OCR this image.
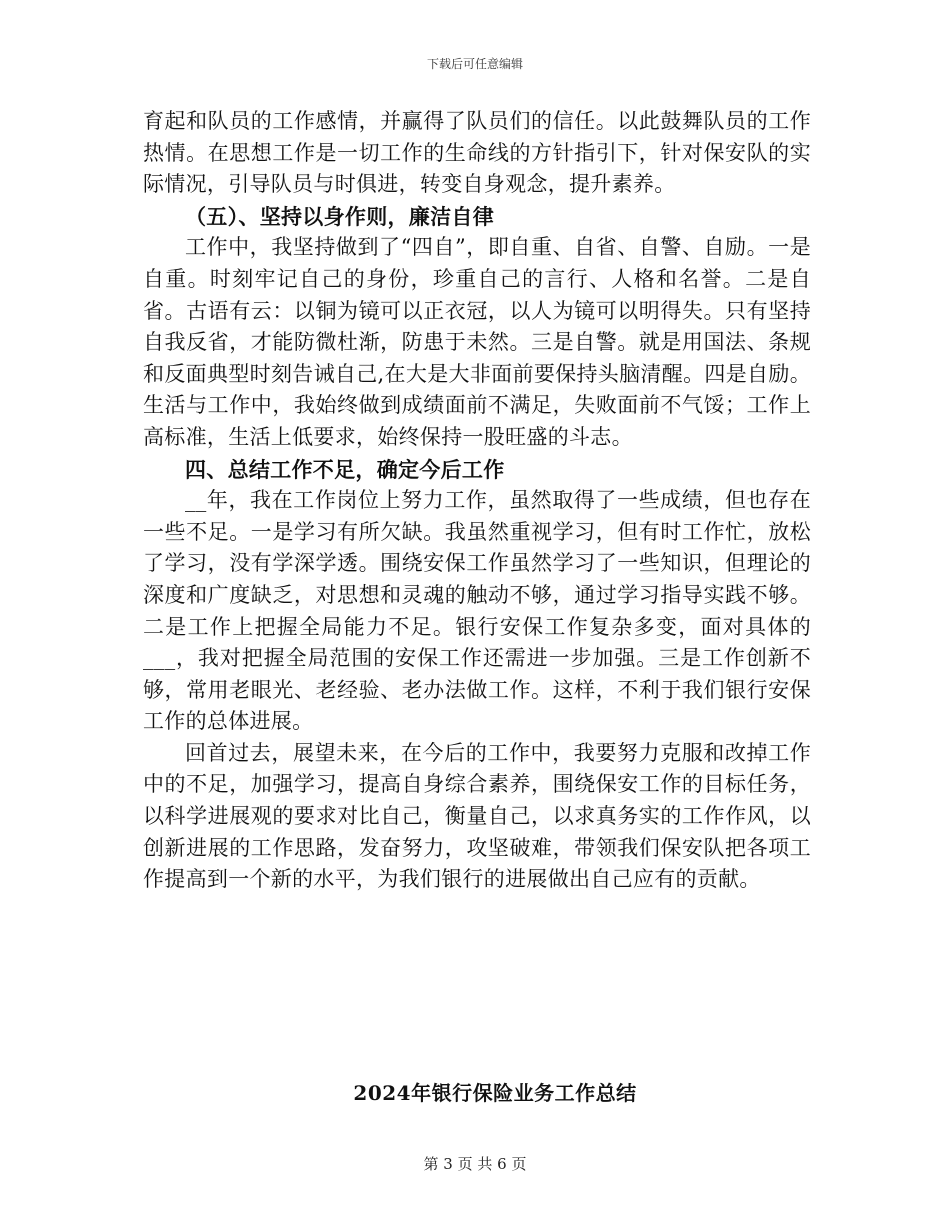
下载后可任意编辑

育起和队员的工作感情，并赢得了队员们的信任。以此鼓舞队员的工作热情。在思想工作是一切工作的生命线的方针指引下，针对保安队的实际情况，引导队员与时俱进，转变自身观念，提升素养。

（五）、坚持以身作则，廉洁自律

工作中，我坚持做到了“四自”，即自重、自省、自警、自励。一是自重。时刻牢记自己的身份，珍重自己的言行、人格和名誉。二是自省。古语有云：以铜为镜可以正衣冠，以人为镜可以明得失。只有坚持自我反省，才能防微杜渐，防患于未然。三是自警。就是用国法、条规和反面典型时刻告诫自己,在大是大非面前要保持头脑清醒。四是自励。生活与工作中，我始终做到成绩面前不满足，失败面前不气馁；工作上高标准，生活上低要求，始终保持一股旺盛的斗志。

四、总结工作不足，确定今后工作

__年，我在工作岗位上努力工作，虽然取得了一些成绩，但也存在一些不足。一是学习有所欠缺。我虽然重视学习，但有时工作忙，放松了学习，没有学深学透。围绕安保工作虽然学习了一些知识，但理论的深度和广度缺乏，对思想和灵魂的触动不够，通过学习指导实践不够。二是工作上把握全局能力不足。银行安保工作复杂多变，面对具体的___，我对把握全局范围的安保工作还需进一步加强。三是工作创新不够，常用老眼光、老经验、老办法做工作。这样，不利于我们银行安保工作的总体进展。

回首过去，展望未来，在今后的工作中，我要努力克服和改掉工作中的不足，加强学习，提高自身综合素养，围绕保安工作的目标任务，以科学进展观的要求对比自己，衡量自己，以求真务实的工作作风，以创新进展的工作思路，发奋努力，攻坚破难，带领我们保安队把各项工作提高到一个新的水平，为我们银行的进展做出自己应有的贡献。

2024年银行保险业务工作总结
第 3 页 共 6 页
